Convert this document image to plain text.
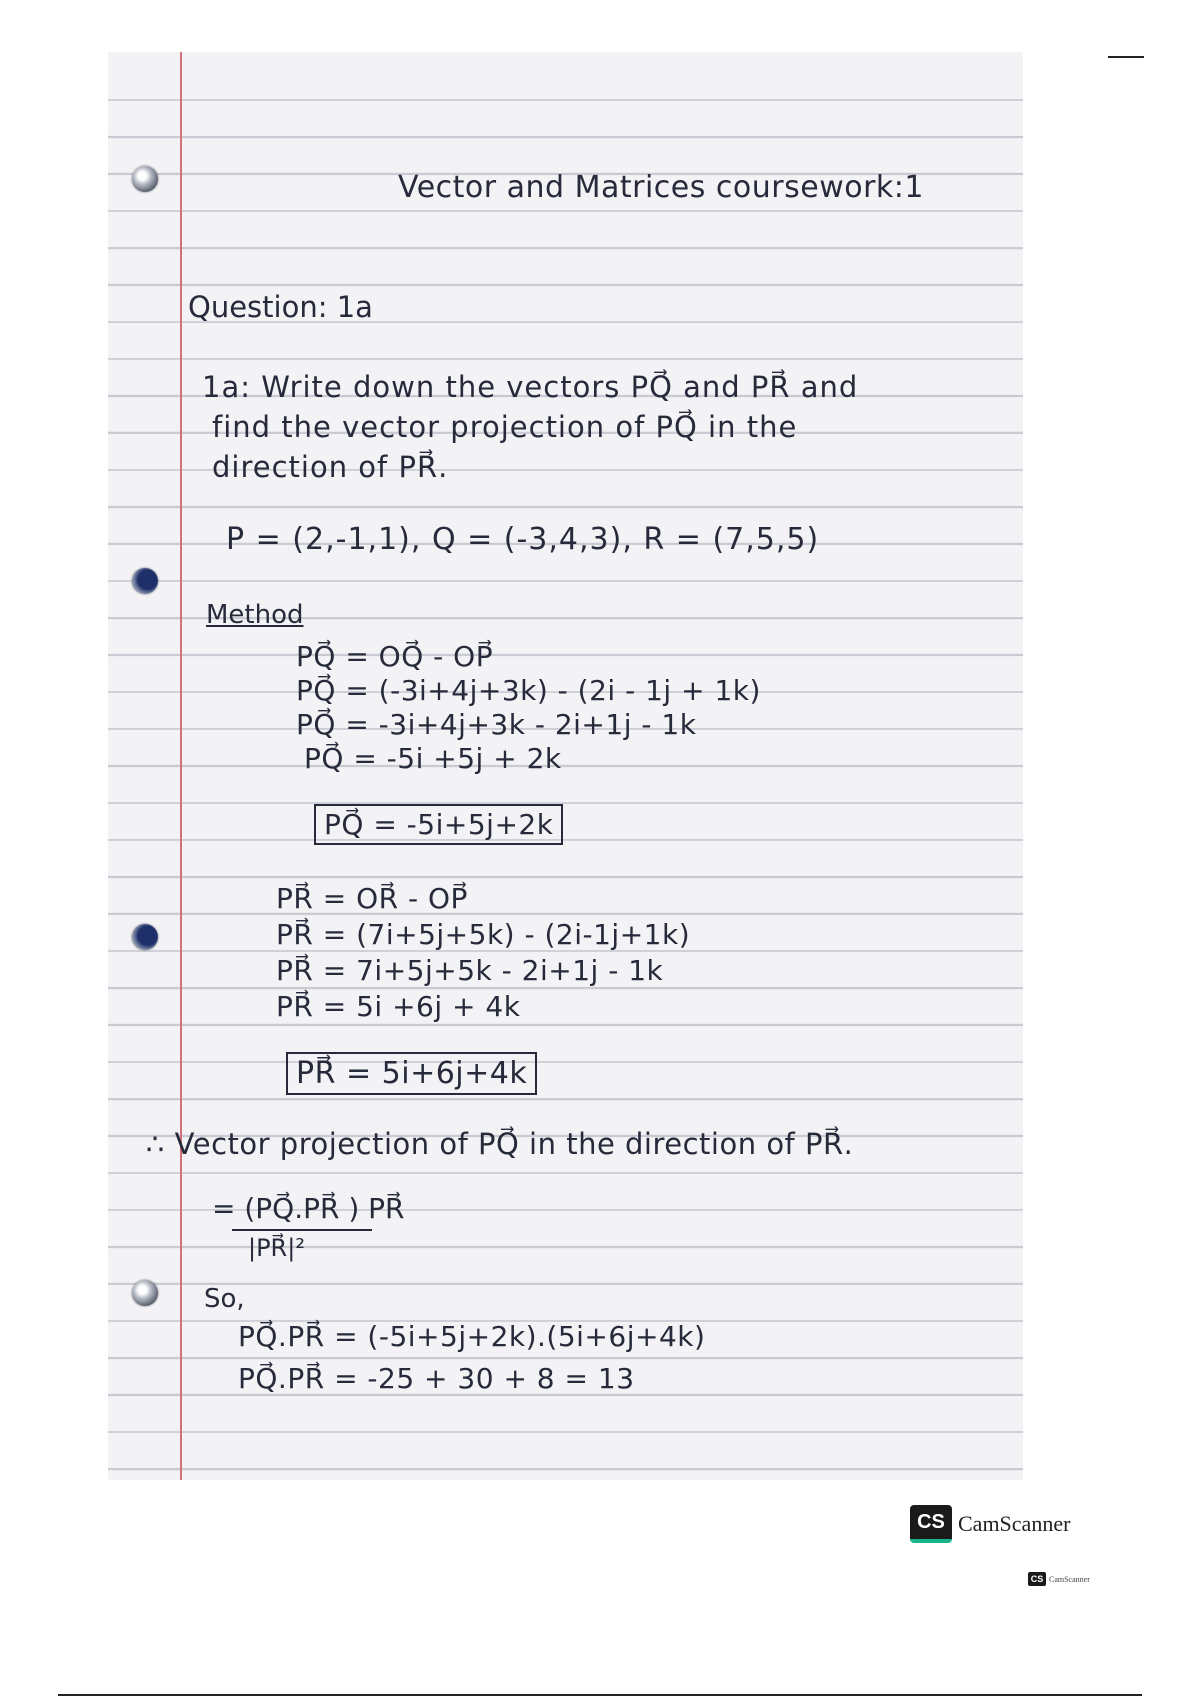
Vector and Matrices coursework:1
Question: 1a
1a: Write down the vectors PQ⃗ and PR⃗ and
find the vector projection of PQ⃗ in the
direction of PR⃗.
P = (2,-1,1), Q = (-3,4,3), R = (7,5,5)
Method
PQ⃗ = OQ⃗ - OP⃗
PQ⃗ = (-3i+4j+3k) - (2i - 1j + 1k)
PQ⃗ = -3i+4j+3k - 2i+1j - 1k
PQ⃗ = -5i +5j + 2k
PQ⃗ = -5i+5j+2k
PR⃗ = OR⃗ - OP⃗
PR⃗ = (7i+5j+5k) - (2i-1j+1k)
PR⃗ = 7i+5j+5k - 2i+1j - 1k
PR⃗ = 5i +6j + 4k
PR⃗ = 5i+6j+4k
∴ Vector projection of PQ⃗ in the direction of PR⃗.
= (PQ⃗.PR⃗ ) PR⃗
|PR⃗|²
So,
PQ⃗.PR⃗ = (-5i+5j+2k).(5i+6j+4k)
PQ⃗.PR⃗ = -25 + 30 + 8 = 13
CS CamScanner
CS CamScanner
